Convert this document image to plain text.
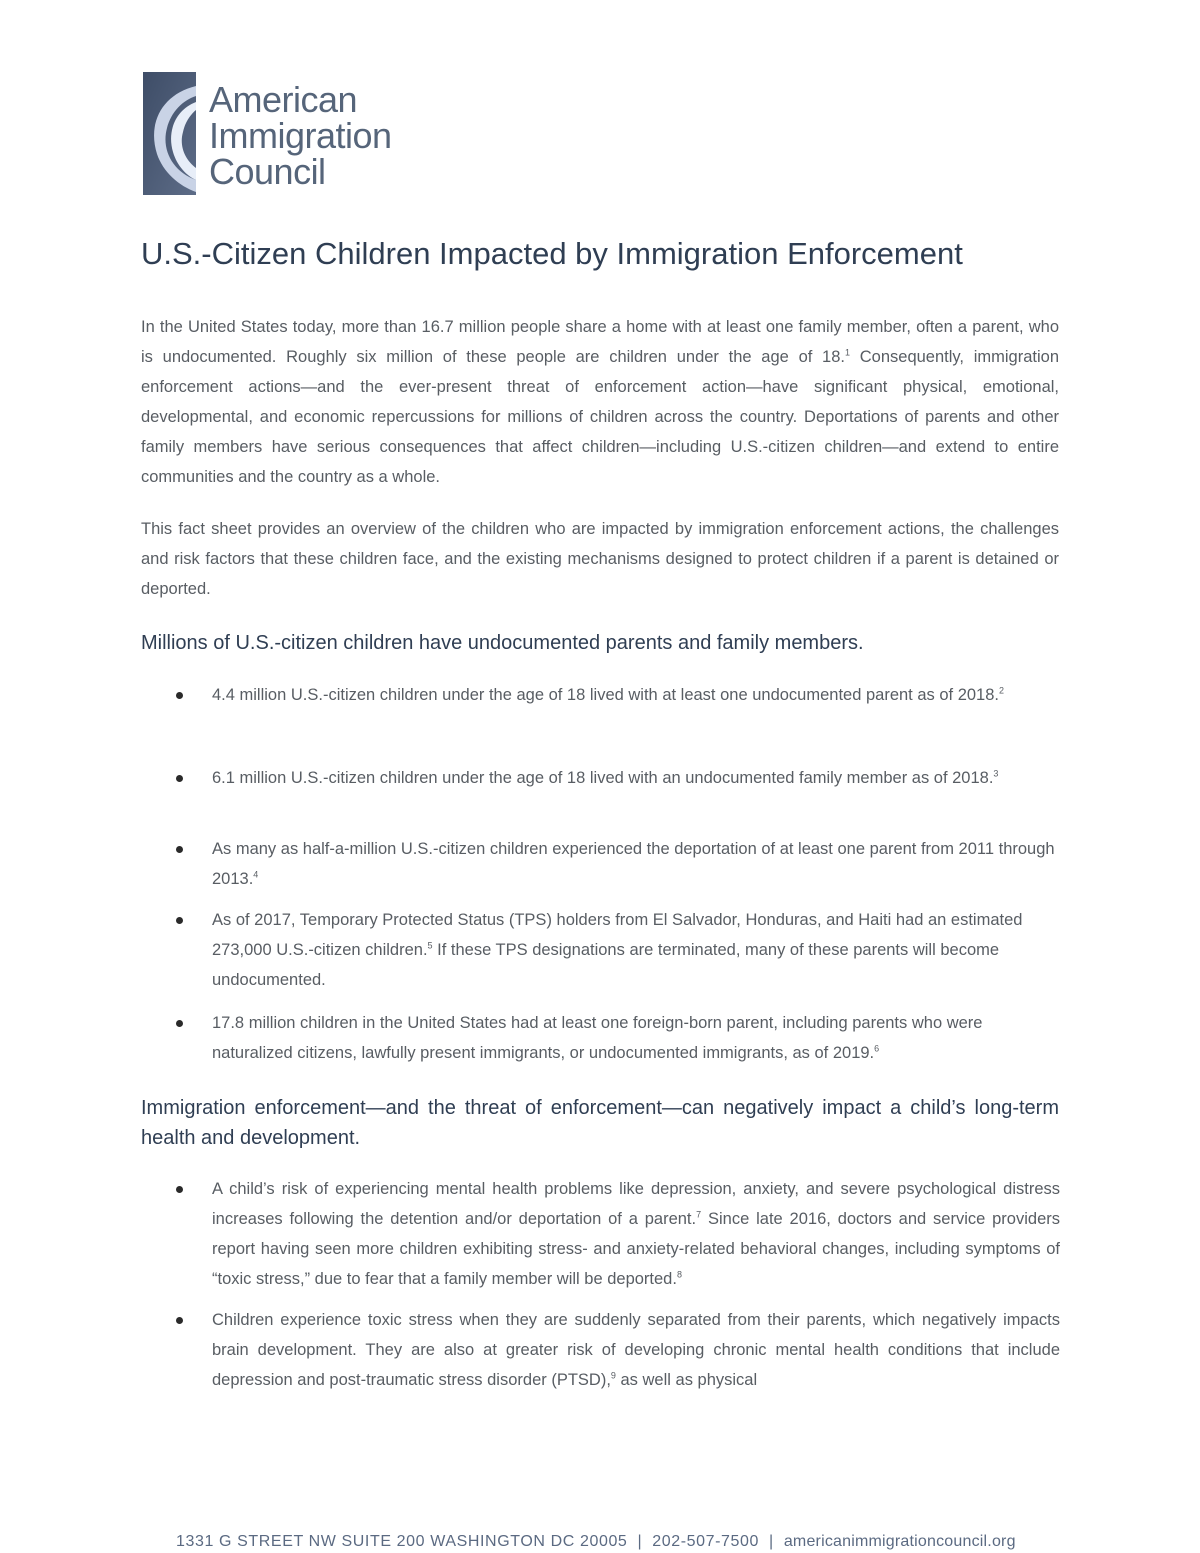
American
Immigration
Council
U.S.-Citizen Children Impacted by Immigration Enforcement

In the United States today, more than 16.7 million people share a home with at least one family member, often a parent, who is undocumented. Roughly six million of these people are children under the age of 18.$^1$ Consequently, immigration enforcement actions—and the ever-present threat of enforcement action—have significant physical, emotional, developmental, and economic repercussions for millions of children across the country. Deportations of parents and other family members have serious consequences that affect children—including U.S.-citizen children—and extend to entire communities and the country as a whole.

This fact sheet provides an overview of the children who are impacted by immigration enforcement actions, the challenges and risk factors that these children face, and the existing mechanisms designed to protect children if a parent is detained or deported.

Millions of U.S.-citizen children have undocumented parents and family members.

4.4 million U.S.-citizen children under the age of 18 lived with at least one undocumented parent as of 2018.$^2$

6.1 million U.S.-citizen children under the age of 18 lived with an undocumented family member as of 2018.$^3$

As many as half-a-million U.S.-citizen children experienced the deportation of at least one parent from 2011 through 2013.$^4$

As of 2017, Temporary Protected Status (TPS) holders from El Salvador, Honduras, and Haiti had an estimated 273,000 U.S.-citizen children.$^5$ If these TPS designations are terminated, many of these parents will become undocumented.

17.8 million children in the United States had at least one foreign-born parent, including parents who were naturalized citizens, lawfully present immigrants, or undocumented immigrants, as of 2019.$^6$

Immigration enforcement—and the threat of enforcement—can negatively impact a child’s long-term health and development.

A child’s risk of experiencing mental health problems like depression, anxiety, and severe psychological distress increases following the detention and/or deportation of a parent.$^7$ Since late 2016, doctors and service providers report having seen more children exhibiting stress- and anxiety-related behavioral changes, including symptoms of “toxic stress,” due to fear that a family member will be deported.$^8$

Children experience toxic stress when they are suddenly separated from their parents, which negatively impacts brain development. They are also at greater risk of developing chronic mental health conditions that include depression and post-traumatic stress disorder (PTSD),$^9$ as well as physical

1331 G STREET NW SUITE 200 WASHINGTON DC 20005 | 202-507-7500 | americanimmigrationcouncil.org
